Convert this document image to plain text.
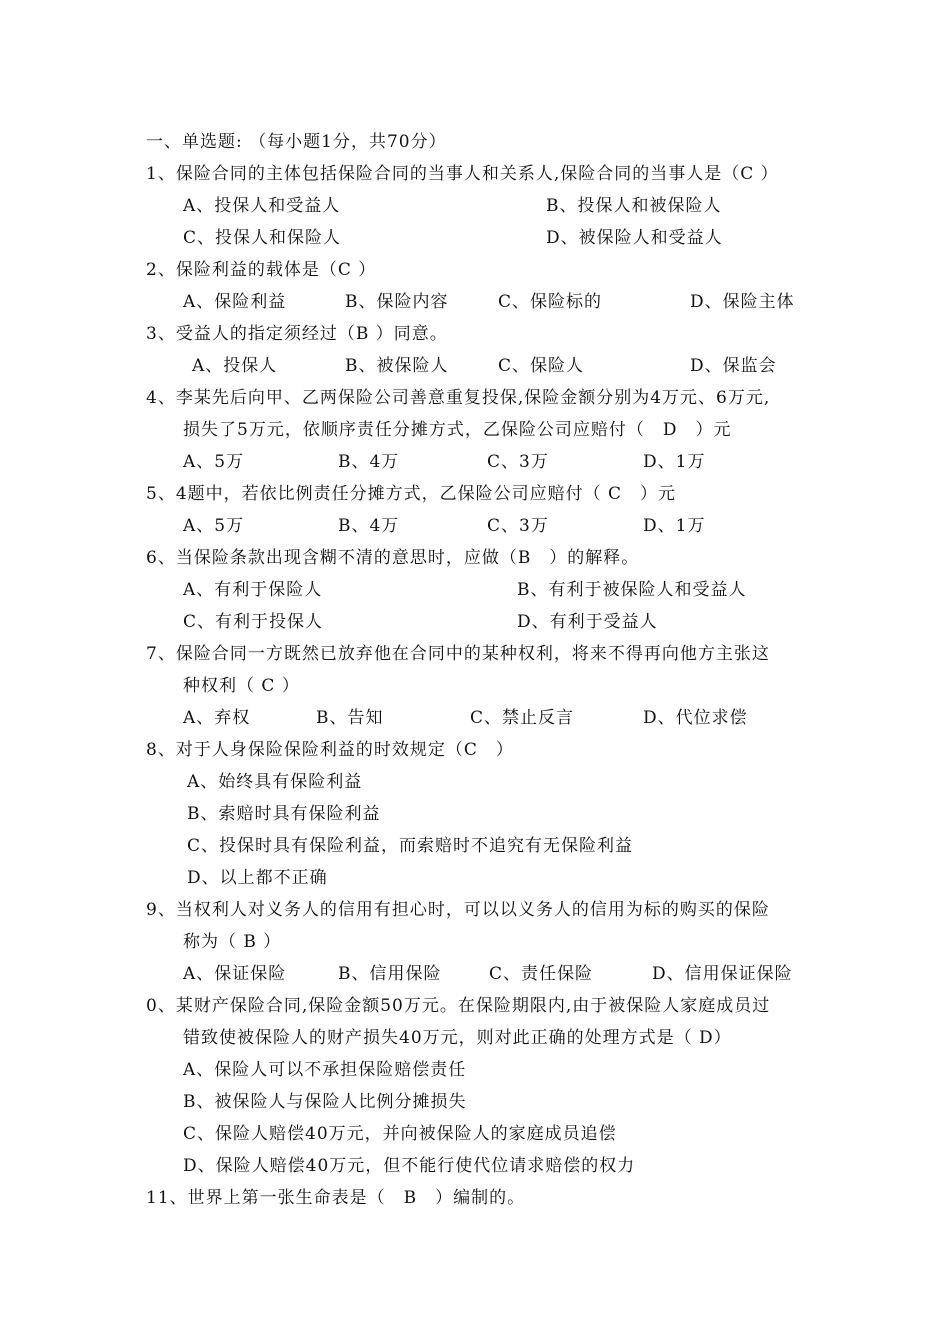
一、单选题: （每小题1分，共70分）
1、保险合同的主体包括保险合同的当事人和关系人,保险合同的当事人是（C ）
A、投保人和受益人	B、投保人和被保险人
C、投保人和保险人	D、被保险人和受益人
2、保险利益的载体是（C ）
A、保险利益	B、保险内容	C、保险标的	D、保险主体
3、受益人的指定须经过（B ）同意。
A、投保人	B、被保险人	C、保险人	D、保监会
4、李某先后向甲、乙两保险公司善意重复投保,保险金额分别为4万元、6万元,
损失了5万元，依顺序责任分摊方式，乙保险公司应赔付（　D　）元
A、5万	B、4万	C、3万	D、1万
5、4题中，若依比例责任分摊方式，乙保险公司应赔付（ C　）元
A、5万	B、4万	C、3万	D、1万
6、当保险条款出现含糊不清的意思时，应做（B　）的解释。
A、有利于保险人	B、有利于被保险人和受益人
C、有利于投保人	D、有利于受益人
7、保险合同一方既然已放弃他在合同中的某种权利，将来不得再向他方主张这
种权利（ C ）
A、弃权	B、告知	C、禁止反言	D、代位求偿
8、对于人身保险保险利益的时效规定（C　）
A、始终具有保险利益
B、索赔时具有保险利益
C、投保时具有保险利益，而索赔时不追究有无保险利益
D、以上都不正确
9、当权利人对义务人的信用有担心时，可以以义务人的信用为标的购买的保险
称为（ B ）
A、保证保险	B、信用保险	C、责任保险	D、信用保证保险
0、某财产保险合同,保险金额50万元。在保险期限内,由于被保险人家庭成员过
错致使被保险人的财产损失40万元，则对此正确的处理方式是（ D）
A、保险人可以不承担保险赔偿责任
B、被保险人与保险人比例分摊损失
C、保险人赔偿40万元，并向被保险人的家庭成员追偿
D、保险人赔偿40万元，但不能行使代位请求赔偿的权力
11、世界上第一张生命表是（　B　）编制的。
